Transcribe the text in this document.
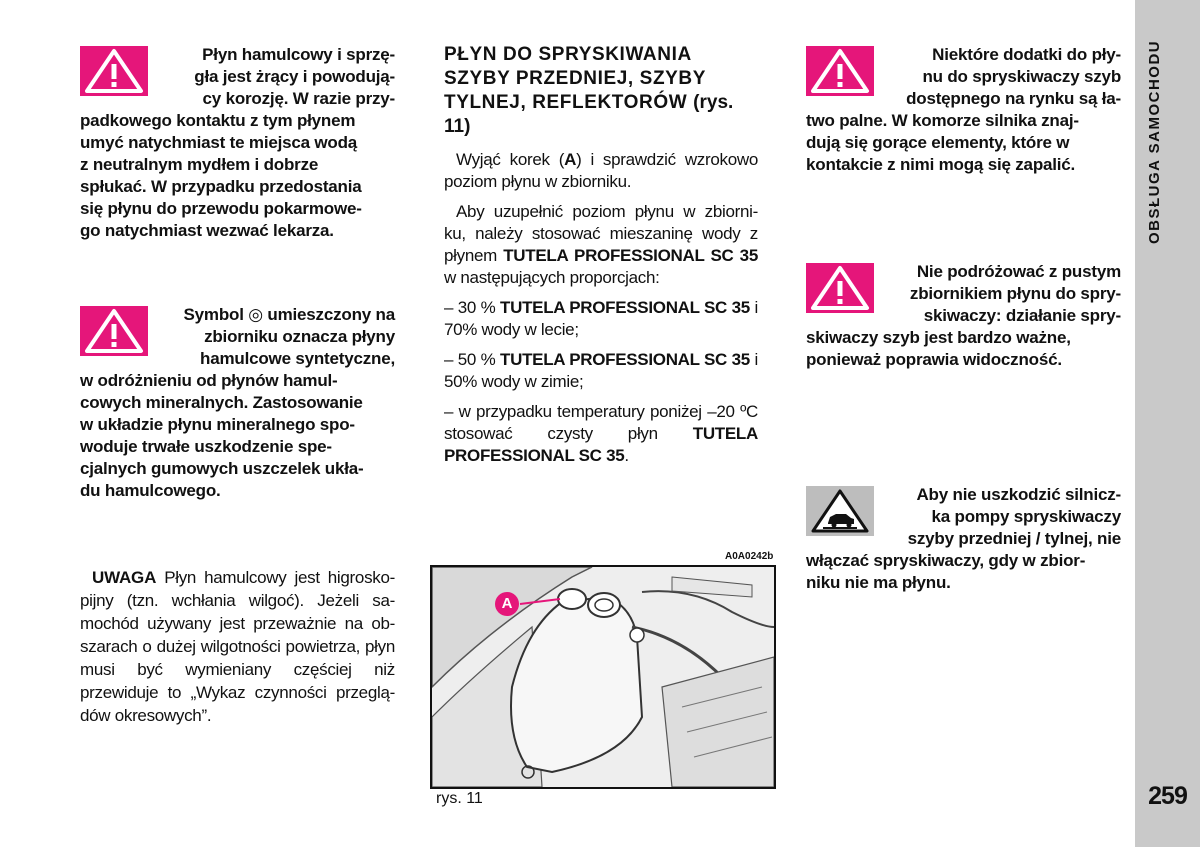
OBSŁUGA SAMOCHODU
259
Płyn hamulcowy i sprzę-
gła jest żrący i powodują-
cy korozję. W razie przy-
padkowego kontaktu z tym płynem
umyć natychmiast te miejsca wodą
z neutralnym mydłem i dobrze
spłukać. W przypadku przedostania
się płynu do przewodu pokarmowe-
go natychmiast wezwać lekarza.
Symbol ◎ umieszczony na
zbiorniku oznacza płyny
hamulcowe syntetyczne,
w odróżnieniu od płynów hamul-
cowych mineralnych. Zastosowanie
w układzie płynu mineralnego spo-
woduje trwałe uszkodzenie spe-
cjalnych gumowych uszczelek ukła-
du hamulcowego.
UWAGA Płyn hamulcowy jest higrosko- pijny (tzn. wchłania wilgoć). Jeżeli sa- mochód używany jest przeważnie na ob- szarach o dużej wilgotności powietrza, płyn musi być wymieniany częściej niż przewiduje to „Wykaz czynności przeglą- dów okresowych”.
PŁYN DO SPRYSKIWANIA SZYBY PRZEDNIEJ, SZYBY TYLNEJ, REFLEKTORÓW (rys. 11)

Wyjąć korek (A) i sprawdzić wzrokowo poziom płynu w zbiorniku.

Aby uzupełnić poziom płynu w zbiorni- ku, należy stosować mieszaninę wody z płynem TUTELA PROFESSIONAL SC 35 w następujących proporcjach:

– 30 % TUTELA PROFESSIONAL SC 35 i 70% wody w lecie;

– 50 % TUTELA PROFESSIONAL SC 35 i 50% wody w zimie;

– w przypadku temperatury poniżej –20 ºC stosować czysty płyn TUTELA PROFESSIONAL SC 35.

A0A0242b
A
rys. 11
Niektóre dodatki do pły-
nu do spryskiwaczy szyb
dostępnego na rynku są ła-
two palne. W komorze silnika znaj-
dują się gorące elementy, które w
kontakcie z nimi mogą się zapalić.
Nie podróżować z pustym
zbiornikiem płynu do spry-
skiwaczy: działanie spry-
skiwaczy szyb jest bardzo ważne,
ponieważ poprawia widoczność.
Aby nie uszkodzić silnicz-
ka pompy spryskiwaczy
szyby przedniej / tylnej, nie
włączać spryskiwaczy, gdy w zbior-
niku nie ma płynu.
